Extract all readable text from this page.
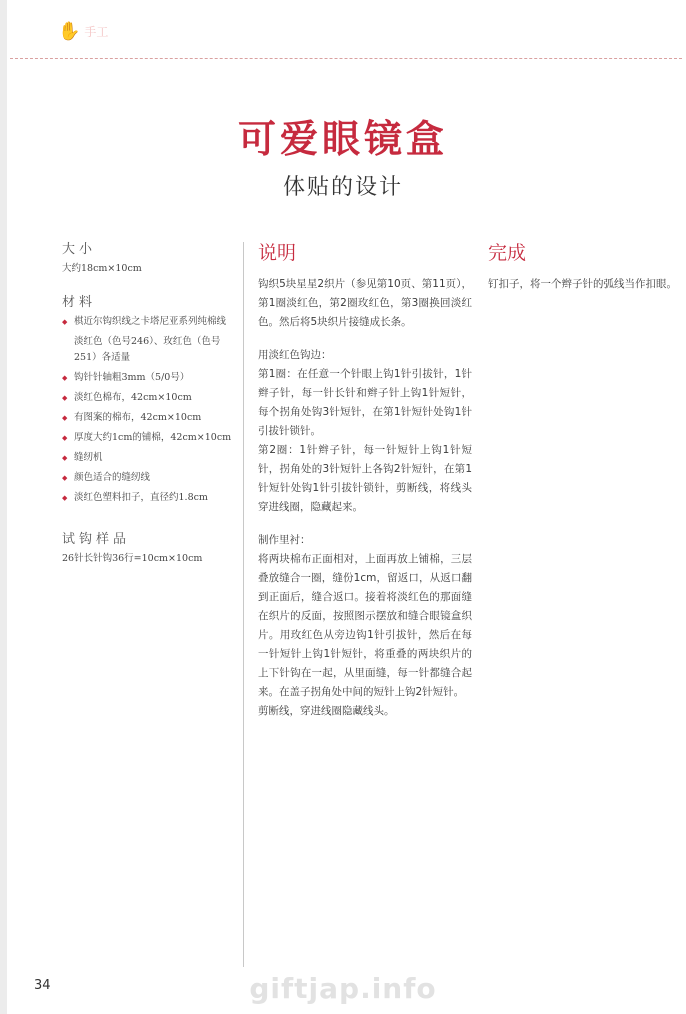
✋ 手工
可爱眼镜盒
体贴的设计
大小
大约18cm×10cm
材料
◆ 棋近尔钩织线之卡塔尼亚系列纯棉线
淡红色（色号246）、玫红色（色号251）各适量
◆ 钩针针轴粗3mm（5/0号）
◆ 淡红色棉布，42cm×10cm
◆ 有图案的棉布，42cm×10cm
◆ 厚度大约1cm的铺棉，42cm×10cm
◆ 缝纫机
◆ 颜色适合的缝纫线
◆ 淡红色塑料扣子，直径约1.8cm
试钩样品
26针长针钩36行=10cm×10cm
说明

钩织5块星星2织片（参见第10页、第11页），第1圈淡红色，第2圈玫红色，第3圈换回淡红色。然后将5块织片接缝成长条。

用淡红色钩边：

第1圈：在任意一个针眼上钩1针引拔针，1针辫子针，每一针长针和辫子针上钩1针短针，每个拐角处钩3针短针，在第1针短针处钩1针引拔针锁针。

第2圈：1针辫子针，每一针短针上钩1针短针，拐角处的3针短针上各钩2针短针，在第1针短针处钩1针引拔针锁针，剪断线，将线头穿进线圈，隐藏起来。

制作里衬：

将两块棉布正面相对，上面再放上铺棉，三层叠放缝合一圈，缝份1cm，留返口，从返口翻到正面后，缝合返口。接着将淡红色的那面缝在织片的反面，按照图示摆放和缝合眼镜盒织片。用玫红色从旁边钩1针引拔针，然后在每一针短针上钩1针短针，将重叠的两块织片的上下针钩在一起，从里面缝，每一针都缝合起来。在盖子拐角处中间的短针上钩2针短针。

剪断线，穿进线圈隐藏线头。

完成

钉扣子，将一个辫子针的弧线当作扣眼。

34	giftjap.info
